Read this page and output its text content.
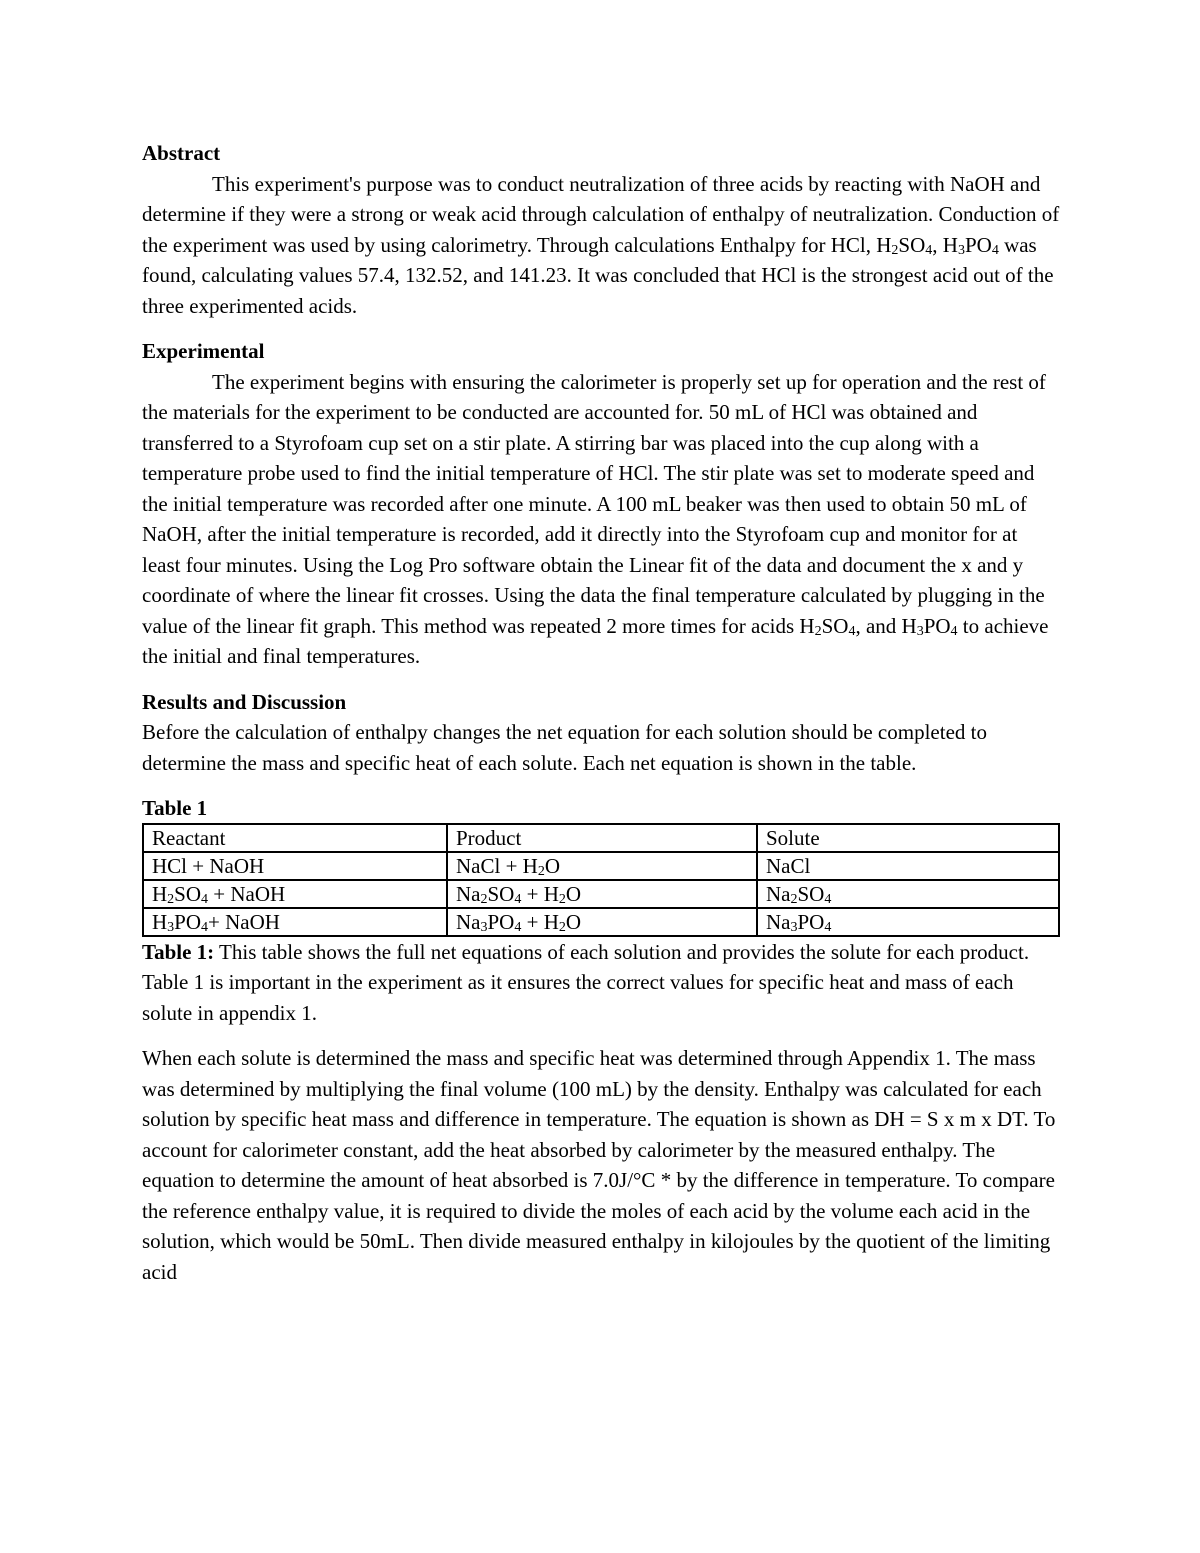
Abstract

This experiment's purpose was to conduct neutralization of three acids by reacting with NaOH and determine if they were a strong or weak acid through calculation of enthalpy of neutralization. Conduction of the experiment was used by using calorimetry. Through calculations Enthalpy for HCl, $H_2SO_4$, $H_3PO_4$ was found, calculating values 57.4, 132.52, and 141.23. It was concluded that HCl is the strongest acid out of the three experimented acids.

Experimental

The experiment begins with ensuring the calorimeter is properly set up for operation and the rest of the materials for the experiment to be conducted are accounted for. 50 mL of HCl was obtained and transferred to a Styrofoam cup set on a stir plate. A stirring bar was placed into the cup along with a temperature probe used to find the initial temperature of HCl. The stir plate was set to moderate speed and the initial temperature was recorded after one minute. A 100 mL beaker was then used to obtain 50 mL of NaOH, after the initial temperature is recorded, add it directly into the Styrofoam cup and monitor for at least four minutes. Using the Log Pro software obtain the Linear fit of the data and document the x and y coordinate of where the linear fit crosses. Using the data the final temperature calculated by plugging in the value of the linear fit graph. This method was repeated 2 more times for acids $H_2SO_4$, and $H_3PO_4$ to achieve the initial and final temperatures.

Results and Discussion

Before the calculation of enthalpy changes the net equation for each solution should be completed to determine the mass and specific heat of each solute. Each net equation is shown in the table.

Table 1

Reactant	Product	Solute
HCl + NaOH	NaCl + $H_2O$	NaCl
$H_2SO_4$ + NaOH	$Na_2SO_4 + H_2O$	$Na_2SO_4$
$H_3PO_4+$ NaOH	$Na_3PO_4 + H_2O$	$Na_3PO_4$

Table 1: This table shows the full net equations of each solution and provides the solute for each product. Table 1 is important in the experiment as it ensures the correct values for specific heat and mass of each solute in appendix 1.

When each solute is determined the mass and specific heat was determined through Appendix 1. The mass was determined by multiplying the final volume (100 mL) by the density. Enthalpy was calculated for each solution by specific heat mass and difference in temperature. The equation is shown as DH = S x m x DT. To account for calorimeter constant, add the heat absorbed by calorimeter by the measured enthalpy. The equation to determine the amount of heat absorbed is 7.0J/°C * by the difference in temperature. To compare the reference enthalpy value, it is required to divide the moles of each acid by the volume each acid in the solution, which would be 50mL. Then divide measured enthalpy in kilojoules by the quotient of the limiting acid
